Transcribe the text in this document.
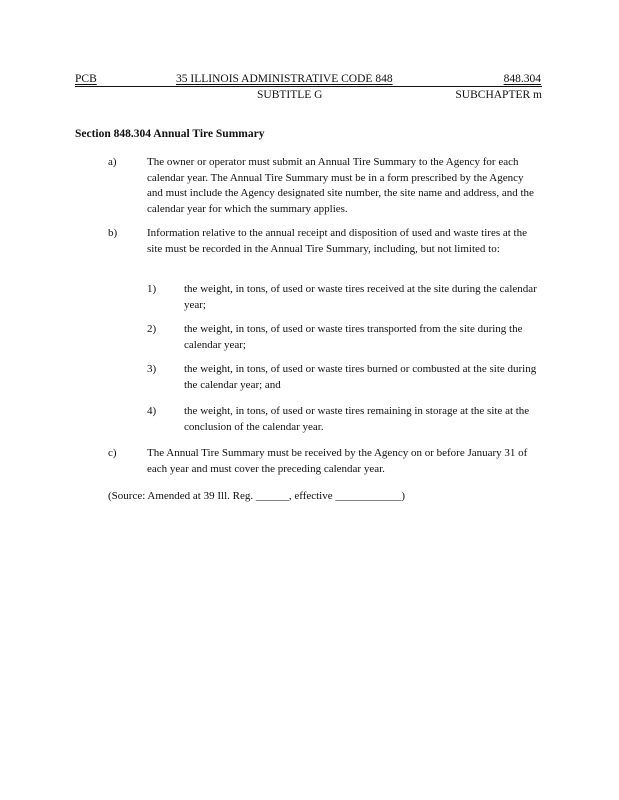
PCB	35 ILLINOIS ADMINISTRATIVE CODE 848	848.304
SUBTITLE G	SUBCHAPTER m
Section 848.304 Annual Tire Summary
a)	The owner or operator must submit an Annual Tire Summary to the Agency for each calendar year. The Annual Tire Summary must be in a form prescribed by the Agency and must include the Agency designated site number, the site name and address, and the calendar year for which the summary applies.
b)	Information relative to the annual receipt and disposition of used and waste tires at the site must be recorded in the Annual Tire Summary, including, but not limited to:
1)	the weight, in tons, of used or waste tires received at the site during the calendar year;
2)	the weight, in tons, of used or waste tires transported from the site during the calendar year;
3)	the weight, in tons, of used or waste tires burned or combusted at the site during the calendar year; and
4)	the weight, in tons, of used or waste tires remaining in storage at the site at the conclusion of the calendar year.
c)	The Annual Tire Summary must be received by the Agency on or before January 31 of each year and must cover the preceding calendar year.
(Source: Amended at 39 Ill. Reg. ______, effective ____________)
